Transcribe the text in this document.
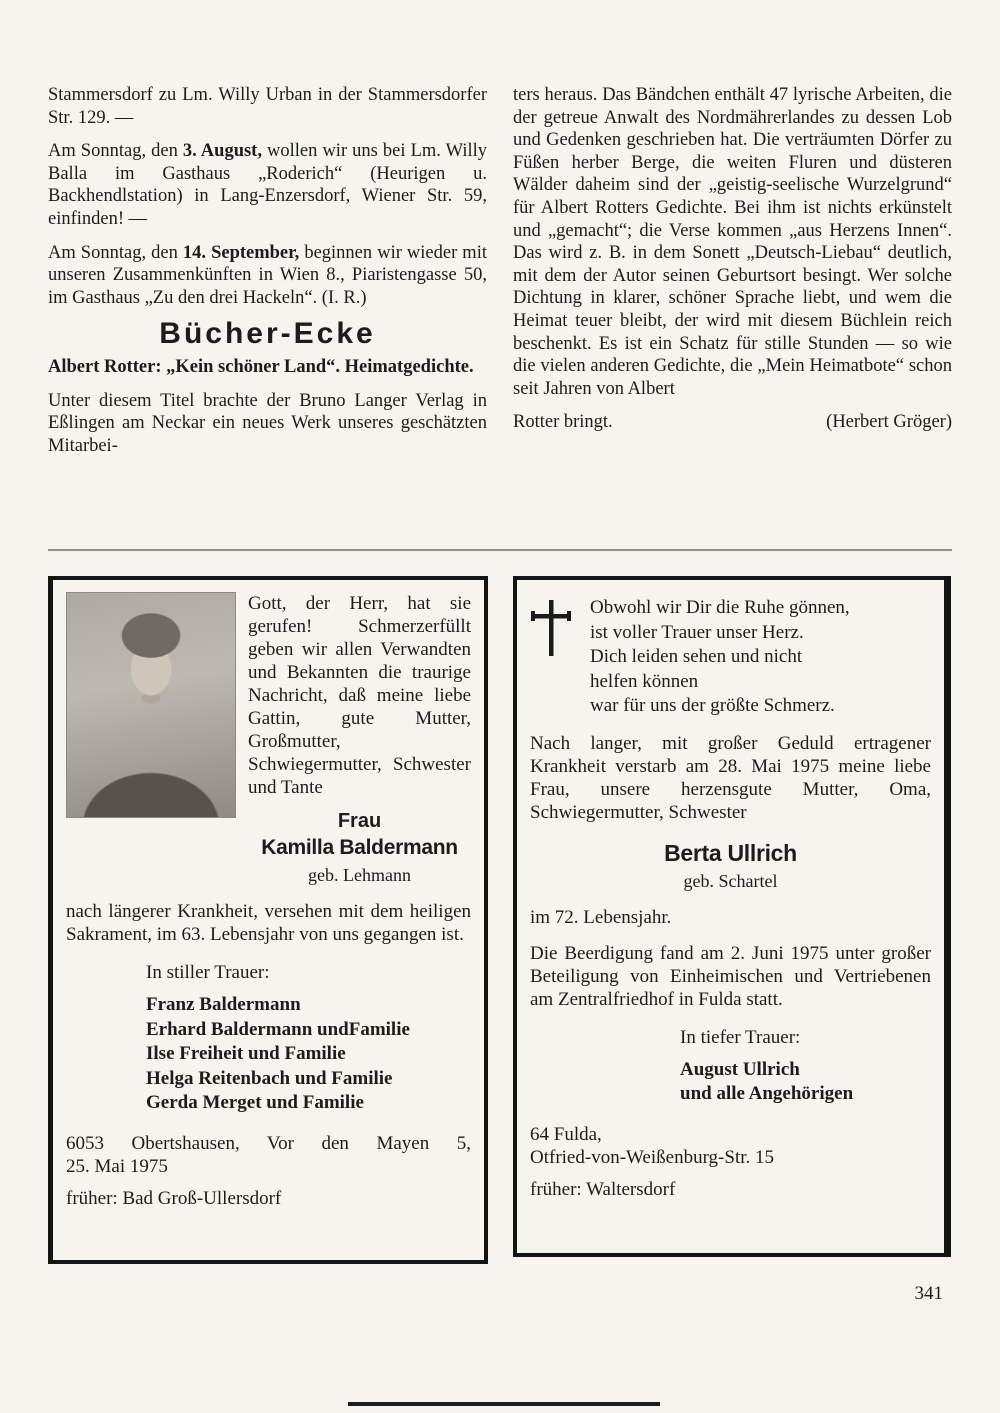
Stammersdorf zu Lm. Willy Urban in der Stammersdorfer Str. 129. —

Am Sonntag, den 3. August, wollen wir uns bei Lm. Willy Balla im Gasthaus „Roderich“ (Heurigen u. Backhendlstation) in Lang-Enzersdorf, Wiener Str. 59, einfinden! —

Am Sonntag, den 14. September, beginnen wir wieder mit unseren Zusammenkünften in Wien 8., Piaristengasse 50, im Gasthaus „Zu den drei Hackeln“. (I. R.)

Bücher-Ecke

Albert Rotter: „Kein schöner Land“. Heimatgedichte.

Unter diesem Titel brachte der Bruno Langer Verlag in Eßlingen am Neckar ein neues Werk unseres geschätzten Mitarbei-

ters heraus. Das Bändchen enthält 47 lyrische Arbeiten, die der getreue Anwalt des Nordmährerlandes zu dessen Lob und Gedenken geschrieben hat. Die verträumten Dörfer zu Füßen herber Berge, die weiten Fluren und düsteren Wälder daheim sind der „geistig-seelische Wurzelgrund“ für Albert Rotters Gedichte. Bei ihm ist nichts erkünstelt und „gemacht“; die Verse kommen „aus Herzens Innen“. Das wird z. B. in dem Sonett „Deutsch-Liebau“ deutlich, mit dem der Autor seinen Geburtsort besingt. Wer solche Dichtung in klarer, schöner Sprache liebt, und wem die Heimat teuer bleibt, der wird mit diesem Büchlein reich beschenkt. Es ist ein Schatz für stille Stunden — so wie die vielen anderen Gedichte, die „Mein Heimatbote“ schon seit Jahren von Albert

Rotter bringt.	(Herbert Gröger)

Gott, der Herr, hat sie gerufen! Schmerzerfüllt geben wir allen Verwandten und Bekannten die traurige Nachricht, daß meine liebe Gattin, gute Mutter, Großmutter, Schwiegermutter, Schwester und Tante

Frau
Kamilla Baldermann
geb. Lehmann

nach längerer Krankheit, versehen mit dem heiligen Sakrament, im 63. Lebensjahr von uns gegangen ist.

In stiller Trauer:
Franz Baldermann
Erhard Baldermann undFamilie
Ilse Freiheit und Familie
Helga Reitenbach und Familie
Gerda Merget und Familie
6053 Obertshausen, Vor den Mayen 5,
25. Mai 1975
früher: Bad Groß-Ullersdorf
Obwohl wir Dir die Ruhe gönnen,
ist voller Trauer unser Herz.
Dich leiden sehen und nicht
helfen können
war für uns der größte Schmerz.

Nach langer, mit großer Geduld ertragener Krankheit verstarb am 28. Mai 1975 meine liebe Frau, unsere herzensgute Mutter, Oma, Schwiegermutter, Schwester

Berta Ullrich
geb. Schartel

im 72. Lebensjahr.

Die Beerdigung fand am 2. Juni 1975 unter großer Beteiligung von Einheimischen und Vertriebenen am Zentralfriedhof in Fulda statt.

In tiefer Trauer:
August Ullrich
und alle Angehörigen
64 Fulda,
Otfried-von-Weißenburg-Str. 15
früher: Waltersdorf
341
